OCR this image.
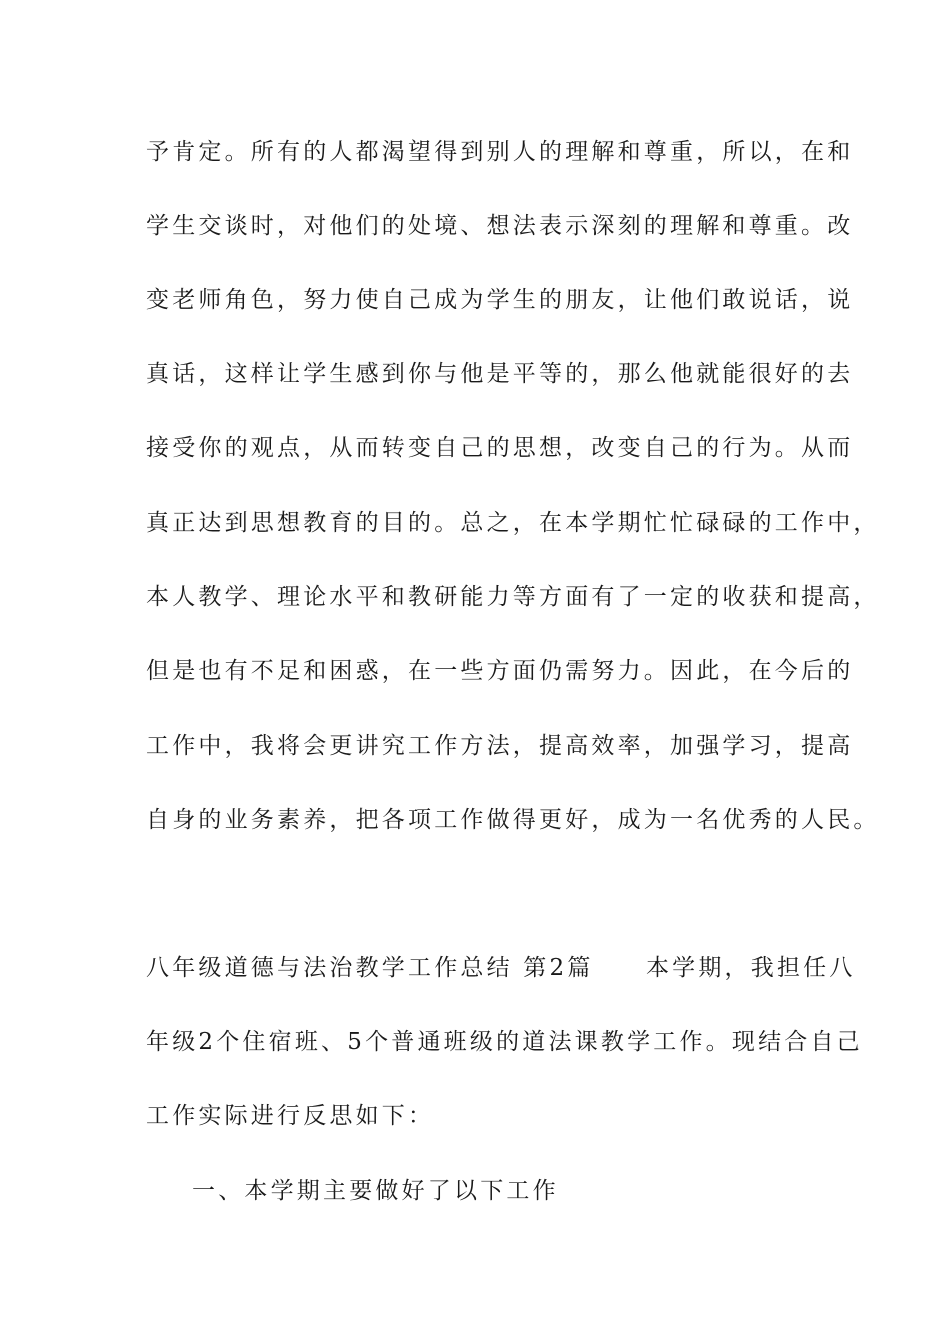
予肯定。所有的人都渴望得到别人的理解和尊重，所以，在和
学生交谈时，对他们的处境、想法表示深刻的理解和尊重。改
变老师角色，努力使自己成为学生的朋友，让他们敢说话，说
真话，这样让学生感到你与他是平等的，那么他就能很好的去
接受你的观点，从而转变自己的思想，改变自己的行为。从而
真正达到思想教育的目的。总之，在本学期忙忙碌碌的工作中，
本人教学、理论水平和教研能力等方面有了一定的收获和提高，
但是也有不足和困惑，在一些方面仍需努力。因此，在今后的
工作中，我将会更讲究工作方法，提高效率，加强学习，提高
自身的业务素养，把各项工作做得更好，成为一名优秀的人民。
八年级道德与法治教学工作总结 第2篇　　本学期，我担任八
年级2个住宿班、5个普通班级的道法课教学工作。现结合自己
工作实际进行反思如下：
一、本学期主要做好了以下工作
